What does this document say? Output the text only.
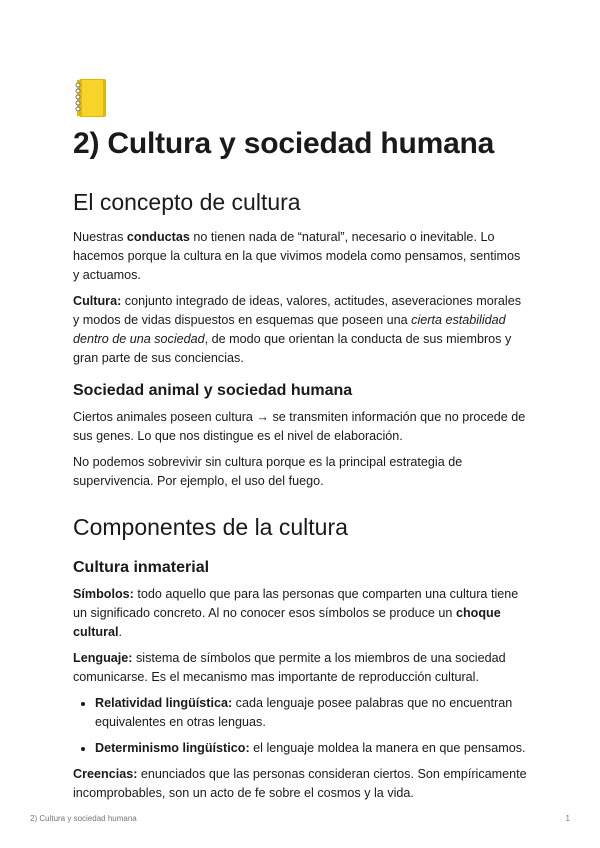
2) Cultura y sociedad humana
El concepto de cultura

Nuestras conductas no tienen nada de “natural”, necesario o inevitable. Lo hacemos porque la cultura en la que vivimos modela como pensamos, sentimos y actuamos.

Cultura: conjunto integrado de ideas, valores, actitudes, aseveraciones morales y modos de vidas dispuestos en esquemas que poseen una cierta estabilidad dentro de una sociedad, de modo que orientan la conducta de sus miembros y gran parte de sus conciencias.

Sociedad animal y sociedad humana

Ciertos animales poseen cultura → se transmiten información que no procede de sus genes. Lo que nos distingue es el nivel de elaboración.

No podemos sobrevivir sin cultura porque es la principal estrategia de supervivencia. Por ejemplo, el uso del fuego.

Componentes de la cultura
Cultura inmaterial

Símbolos: todo aquello que para las personas que comparten una cultura tiene un significado concreto. Al no conocer esos símbolos se produce un choque cultural.

Lenguaje: sistema de símbolos que permite a los miembros de una sociedad comunicarse. Es el mecanismo mas importante de reproducción cultural.

• Relatividad lingüística: cada lenguaje posee palabras que no encuentran equivalentes en otras lenguas.
• Determinismo lingüístico: el lenguaje moldea la manera en que pensamos.

Creencias: enunciados que las personas consideran ciertos. Son empíricamente incomprobables, son un acto de fe sobre el cosmos y la vida.

2) Cultura y sociedad humana	1
